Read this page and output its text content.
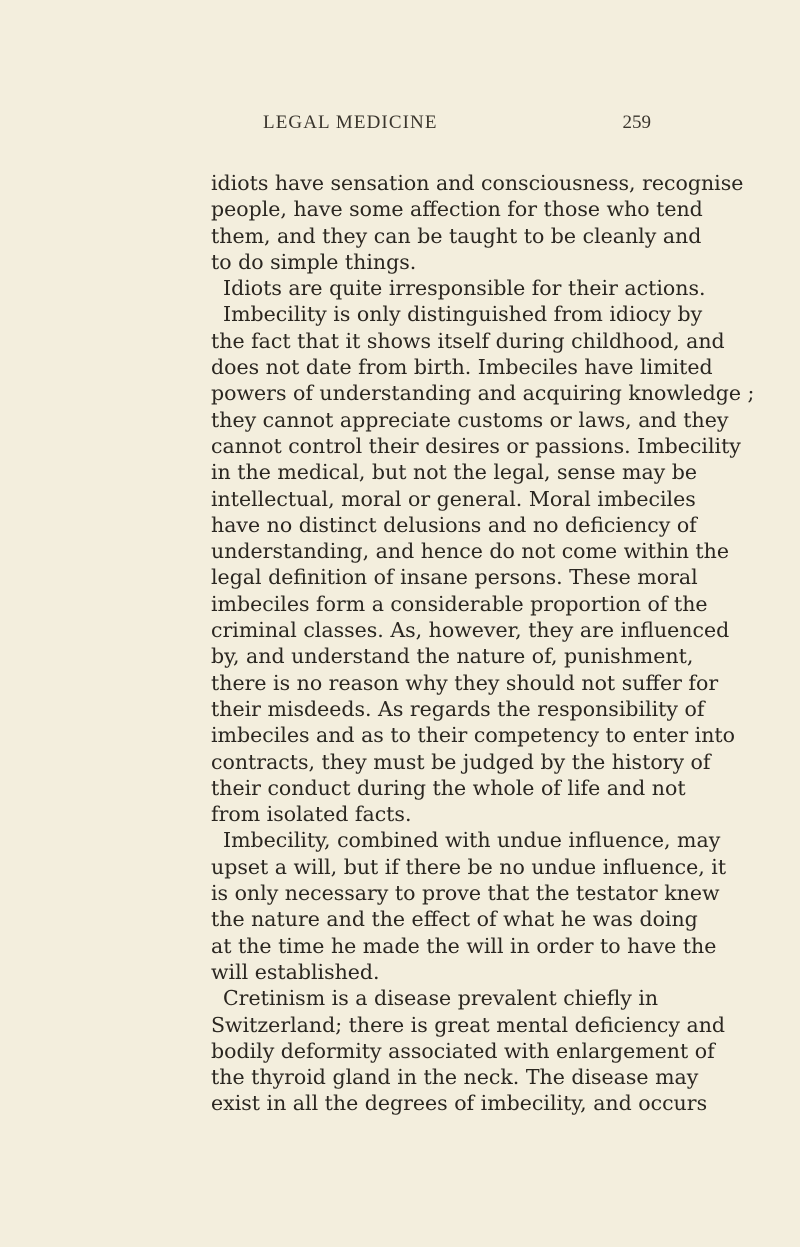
LEGAL MEDICINE	259
idiots have sensation and consciousness, recognise
people, have some affection for those who tend
them, and they can be taught to be cleanly and
to do simple things.
Idiots are quite irresponsible for their actions.
Imbecility is only distinguished from idiocy by
the fact that it shows itself during childhood, and
does not date from birth. Imbeciles have limited
powers of understanding and acquiring knowledge ;
they cannot appreciate customs or laws, and they
cannot control their desires or passions. Imbecility
in the medical, but not the legal, sense may be
intellectual, moral or general. Moral imbeciles
have no distinct delusions and no deficiency of
understanding, and hence do not come within the
legal definition of insane persons. These moral
imbeciles form a considerable proportion of the
criminal classes. As, however, they are influenced
by, and understand the nature of, punishment,
there is no reason why they should not suffer for
their misdeeds. As regards the responsibility of
imbeciles and as to their competency to enter into
contracts, they must be judged by the history of
their conduct during the whole of life and not
from isolated facts.
Imbecility, combined with undue influence, may
upset a will, but if there be no undue influence, it
is only necessary to prove that the testator knew
the nature and the effect of what he was doing
at the time he made the will in order to have the
will established.
Cretinism is a disease prevalent chiefly in
Switzerland; there is great mental deficiency and
bodily deformity associated with enlargement of
the thyroid gland in the neck. The disease may
exist in all the degrees of imbecility, and occurs
